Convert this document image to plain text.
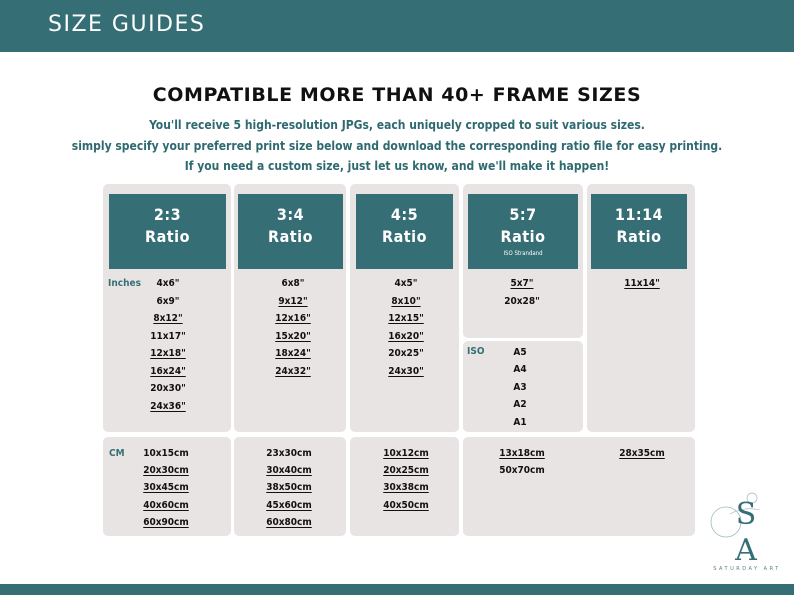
SIZE GUIDES
COMPATIBLE MORE THAN 40+ FRAME SIZES
You'll receive 5 high-resolution JPGs, each uniquely cropped to suit various sizes.
simply specify your preferred print size below and download the corresponding ratio file for easy printing.
If you need a custom size, just let us know, and we'll make it happen!
2:3
Ratio
3:4
Ratio
4:5
Ratio
5:7
Ratio
ISO Strandand
11:14
Ratio
Inches
ISO
CM
4x6"
6x9"
8x12"
11x17"
12x18"
16x24"
20x30"
24x36"
6x8"
9x12"
12x16"
15x20"
18x24"
24x32"
4x5"
8x10"
12x15"
16x20"
20x25"
24x30"
5x7"
20x28"
A5
A4
A3
A2
A1
11x14"
10x15cm
20x30cm
30x45cm
40x60cm
60x90cm
23x30cm
30x40cm
38x50cm
45x60cm
60x80cm
10x12cm
20x25cm
30x38cm
40x50cm
13x18cm
50x70cm
28x35cm
S
A
SATURDAY ART
